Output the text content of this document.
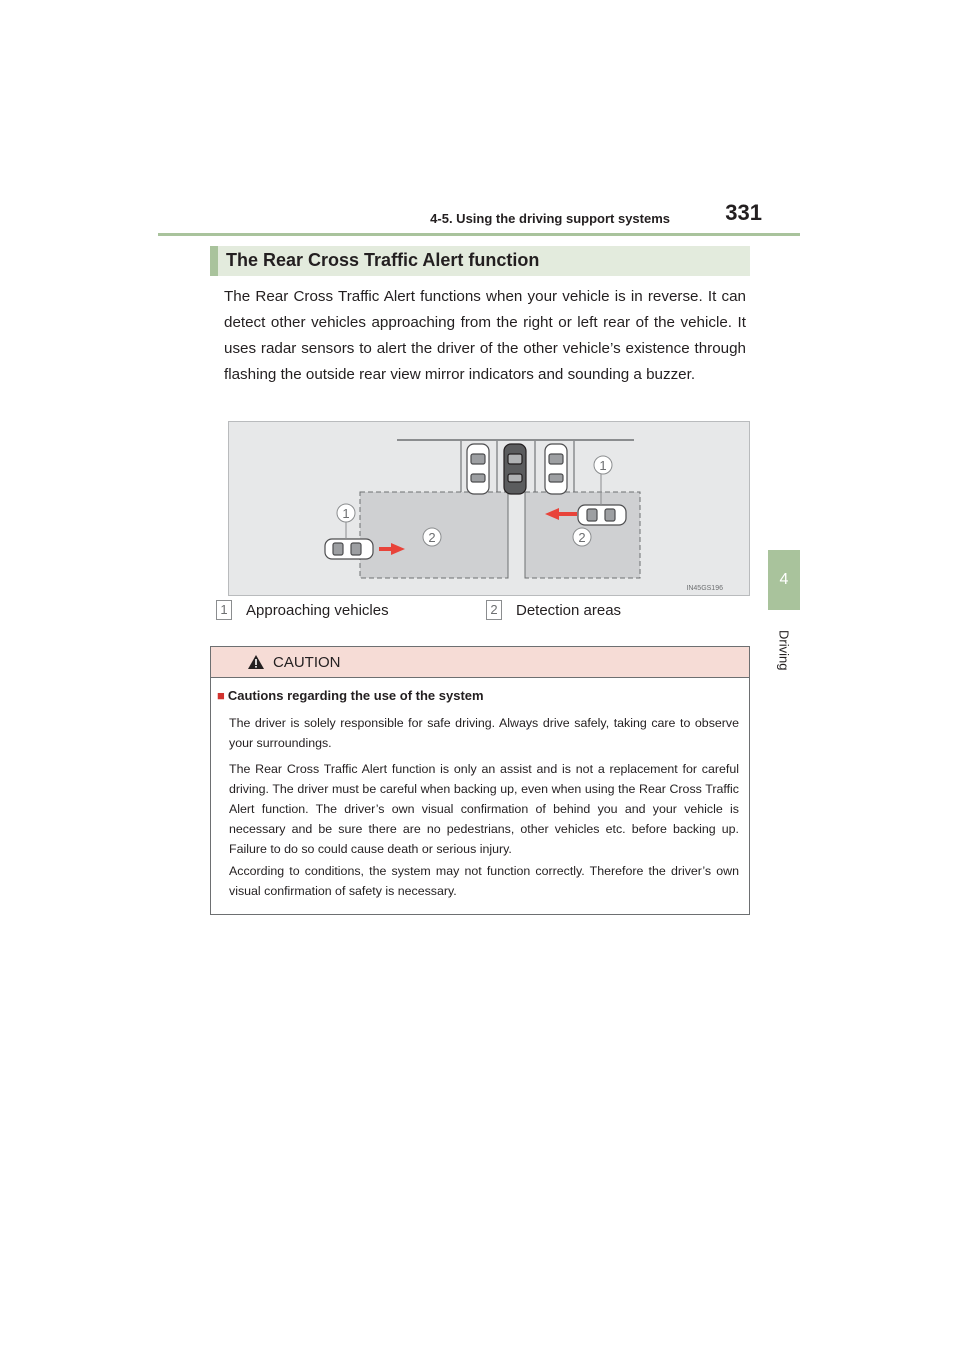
4-5. Using the driving support systems	331
4
Driving
The Rear Cross Traffic Alert function
The Rear Cross Traffic Alert functions when your vehicle is in reverse. It can detect other vehicles approaching from the right or left rear of the vehicle. It uses radar sensors to alert the driver of the other vehicle’s existence through flashing the outside rear view mirror indicators and sounding a buzzer.
1
1
2	2
IN45GS196
1 Approaching vehicles	2 Detection areas
CAUTION
■ Cautions regarding the use of the system
The driver is solely responsible for safe driving. Always drive safely, taking care to observe your surroundings.
The Rear Cross Traffic Alert function is only an assist and is not a replacement for careful driving. The driver must be careful when backing up, even when using the Rear Cross Traffic Alert function. The driver’s own visual confirmation of behind you and your vehicle is necessary and be sure there are no pedestrians, other vehicles etc. before backing up. Failure to do so could cause death or serious injury.
According to conditions, the system may not function correctly. Therefore the driver’s own visual confirmation of safety is necessary.
